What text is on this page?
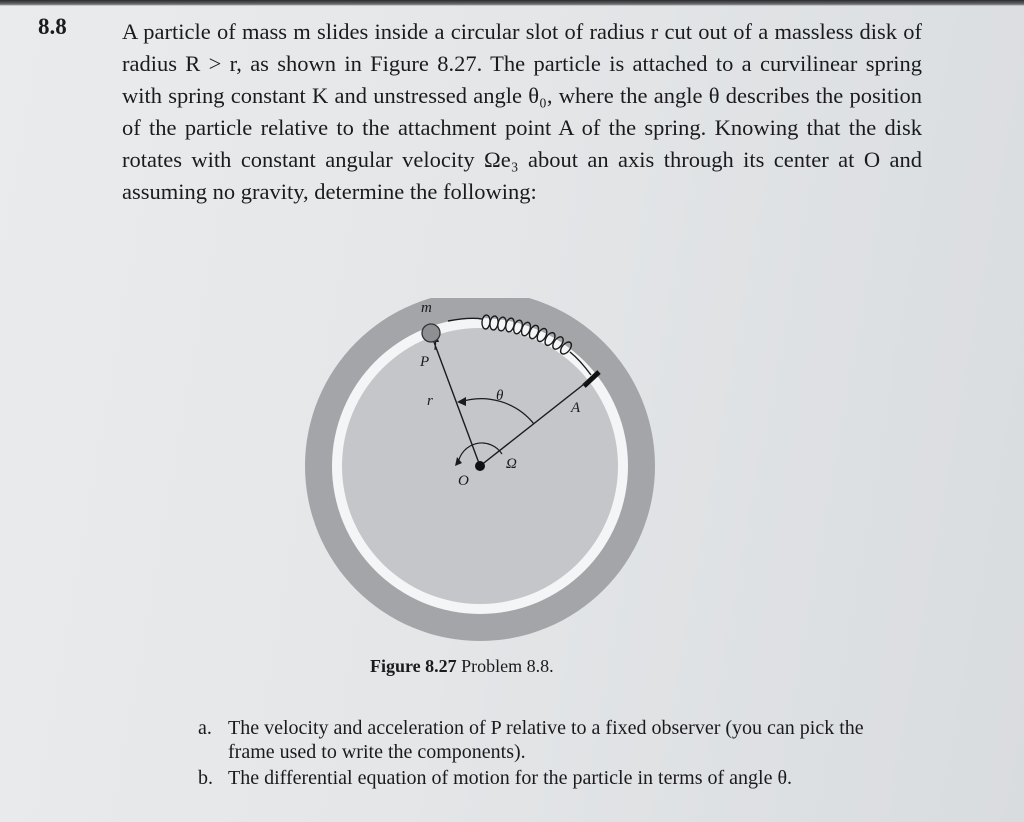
8.8 A particle of mass m slides inside a circular slot of radius r cut out of a massless disk of radius R > r, as shown in Figure 8.27. The particle is attached to a curvilinear spring with spring constant K and unstressed angle θ₀, where the angle θ describes the position of the particle relative to the attachment point A of the spring. Knowing that the disk rotates with constant angular velocity Ωe₃ about an axis through its center at O and assuming no gravity, determine the following:
m
P
r	θ
A
O
Ω
Figure 8.27 Problem 8.8.
a. The velocity and acceleration of P relative to a fixed observer (you can pick the frame used to write the components).
b. The differential equation of motion for the particle in terms of angle θ.
